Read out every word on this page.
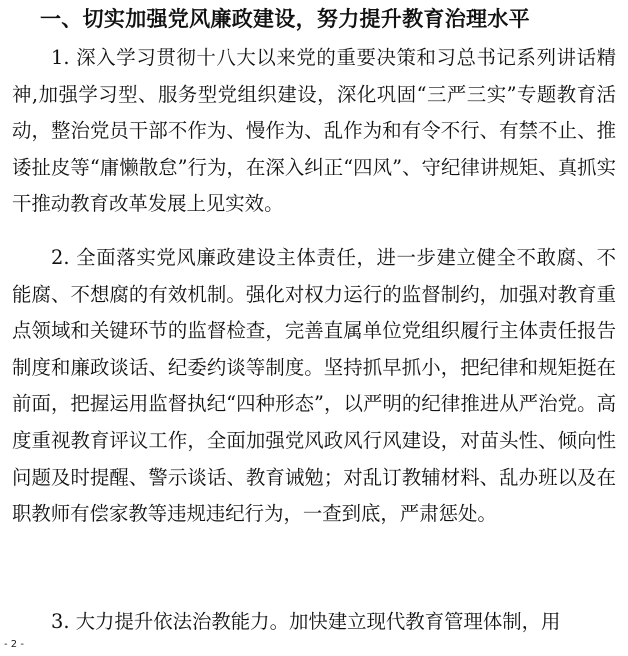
一、切实加强党风廉政建设，努力提升教育治理水平

1. 深入学习贯彻十八大以来党的重要决策和习总书记系列讲话精神,加强学习型、服务型党组织建设，深化巩固“三严三实”专题教育活动，整治党员干部不作为、慢作为、乱作为和有令不行、有禁不止、推诿扯皮等“庸懒散怠”行为，在深入纠正“四风”、守纪律讲规矩、真抓实干推动教育改革发展上见实效。

2. 全面落实党风廉政建设主体责任，进一步建立健全不敢腐、不能腐、不想腐的有效机制。强化对权力运行的监督制约，加强对教育重点领域和关键环节的监督检查，完善直属单位党组织履行主体责任报告制度和廉政谈话、纪委约谈等制度。坚持抓早抓小，把纪律和规矩挺在前面，把握运用监督执纪“四种形态”，以严明的纪律推进从严治党。高度重视教育评议工作，全面加强党风政风行风建设，对苗头性、倾向性问题及时提醒、警示谈话、教育诫勉；对乱订教辅材料、乱办班以及在职教师有偿家教等违规违纪行为，一查到底，严肃惩处。

3. 大力提升依法治教能力。加快建立现代教育管理体制，用

- 2 -
